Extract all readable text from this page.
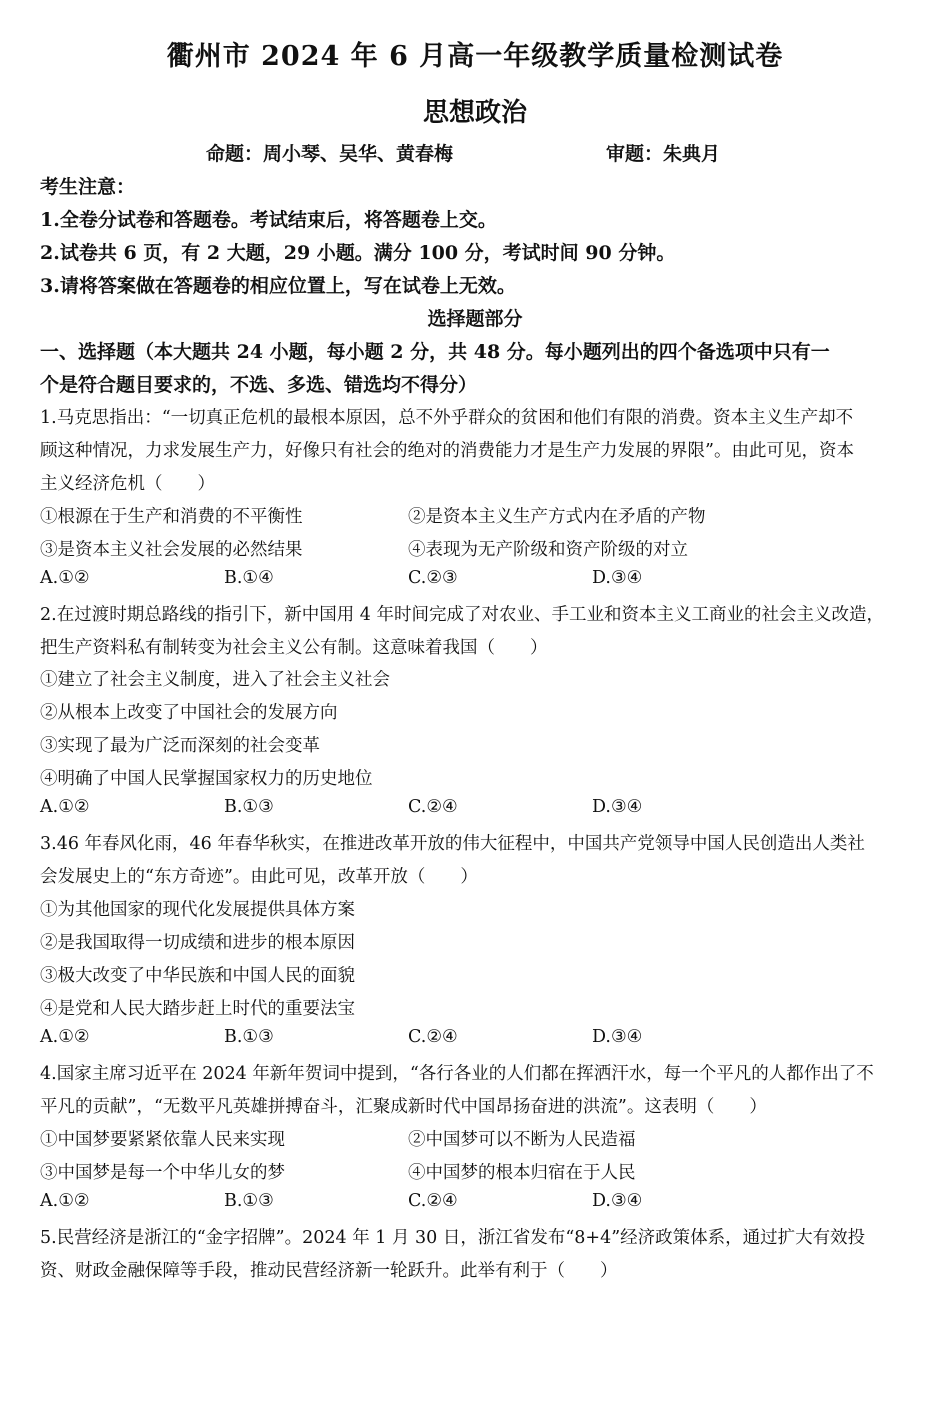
衢州市 2024 年 6 月高一年级教学质量检测试卷
思想政治
命题：周小琴、吴华、黄春梅	审题：朱典月
考生注意：
1.全卷分试卷和答题卷。考试结束后，将答题卷上交。
2.试卷共 6 页，有 2 大题，29 小题。满分 100 分，考试时间 90 分钟。
3.请将答案做在答题卷的相应位置上，写在试卷上无效。
选择题部分
一、选择题（本大题共 24 小题，每小题 2 分，共 48 分。每小题列出的四个备选项中只有一
个是符合题目要求的，不选、多选、错选均不得分）
1.马克思指出：“一切真正危机的最根本原因，总不外乎群众的贫困和他们有限的消费。资本主义生产却不
顾这种情况，力求发展生产力，好像只有社会的绝对的消费能力才是生产力发展的界限”。由此可见，资本
主义经济危机（　　）
①根源在于生产和消费的不平衡性	②是资本主义生产方式内在矛盾的产物
③是资本主义社会发展的必然结果	④表现为无产阶级和资产阶级的对立
A.①②	B.①④	C.②③	D.③④
2.在过渡时期总路线的指引下，新中国用 4 年时间完成了对农业、手工业和资本主义工商业的社会主义改造，
把生产资料私有制转变为社会主义公有制。这意味着我国（　　）
①建立了社会主义制度，进入了社会主义社会
②从根本上改变了中国社会的发展方向
③实现了最为广泛而深刻的社会变革
④明确了中国人民掌握国家权力的历史地位
A.①②	B.①③	C.②④	D.③④
3.46 年春风化雨，46 年春华秋实，在推进改革开放的伟大征程中，中国共产党领导中国人民创造出人类社
会发展史上的“东方奇迹”。由此可见，改革开放（　　）
①为其他国家的现代化发展提供具体方案
②是我国取得一切成绩和进步的根本原因
③极大改变了中华民族和中国人民的面貌
④是党和人民大踏步赶上时代的重要法宝
A.①②	B.①③	C.②④	D.③④
4.国家主席习近平在 2024 年新年贺词中提到，“各行各业的人们都在挥洒汗水，每一个平凡的人都作出了不
平凡的贡献”，“无数平凡英雄拼搏奋斗，汇聚成新时代中国昂扬奋进的洪流”。这表明（　　）
①中国梦要紧紧依靠人民来实现	②中国梦可以不断为人民造福
③中国梦是每一个中华儿女的梦	④中国梦的根本归宿在于人民
A.①②	B.①③	C.②④	D.③④
5.民营经济是浙江的“金字招牌”。2024 年 1 月 30 日，浙江省发布“8+4”经济政策体系，通过扩大有效投
资、财政金融保障等手段，推动民营经济新一轮跃升。此举有利于（　　）
